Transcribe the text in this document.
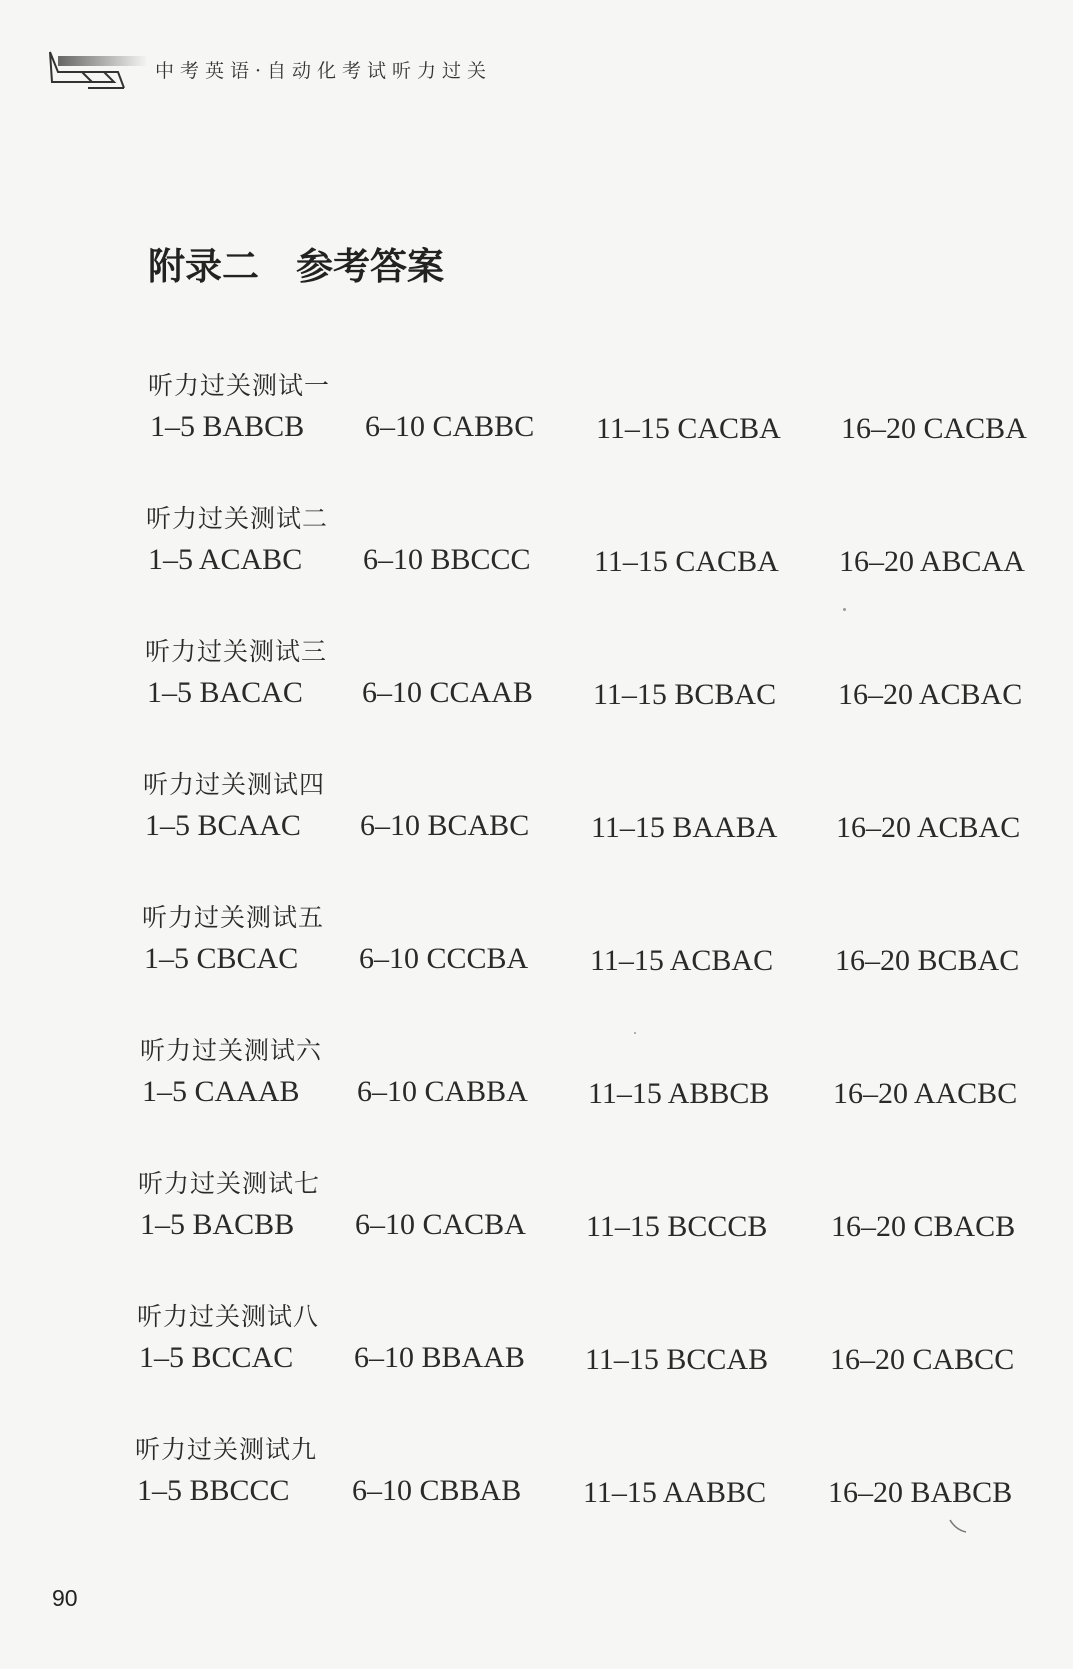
中考英语·自动化考试听力过关
附录二　参考答案
听力过关测试一
1–5 BABCB 6–10 CABBC 11–15 CACBA 16–20 CACBA
听力过关测试二
1–5 ACABC 6–10 BBCCC 11–15 CACBA 16–20 ABCAA
听力过关测试三
1–5 BACAC 6–10 CCAAB 11–15 BCBAC 16–20 ACBAC
听力过关测试四
1–5 BCAAC 6–10 BCABC 11–15 BAABA 16–20 ACBAC
听力过关测试五
1–5 CBCAC 6–10 CCCBA 11–15 ACBAC 16–20 BCBAC
听力过关测试六
1–5 CAAAB 6–10 CABBA 11–15 ABBCB 16–20 AACBC
听力过关测试七
1–5 BACBB 6–10 CACBA 11–15 BCCCB 16–20 CBACB
听力过关测试八
1–5 BCCAC 6–10 BBAAB 11–15 BCCAB 16–20 CABCC
听力过关测试九
1–5 BBCCC 6–10 CBBAB 11–15 AABBC 16–20 BABCB
90
